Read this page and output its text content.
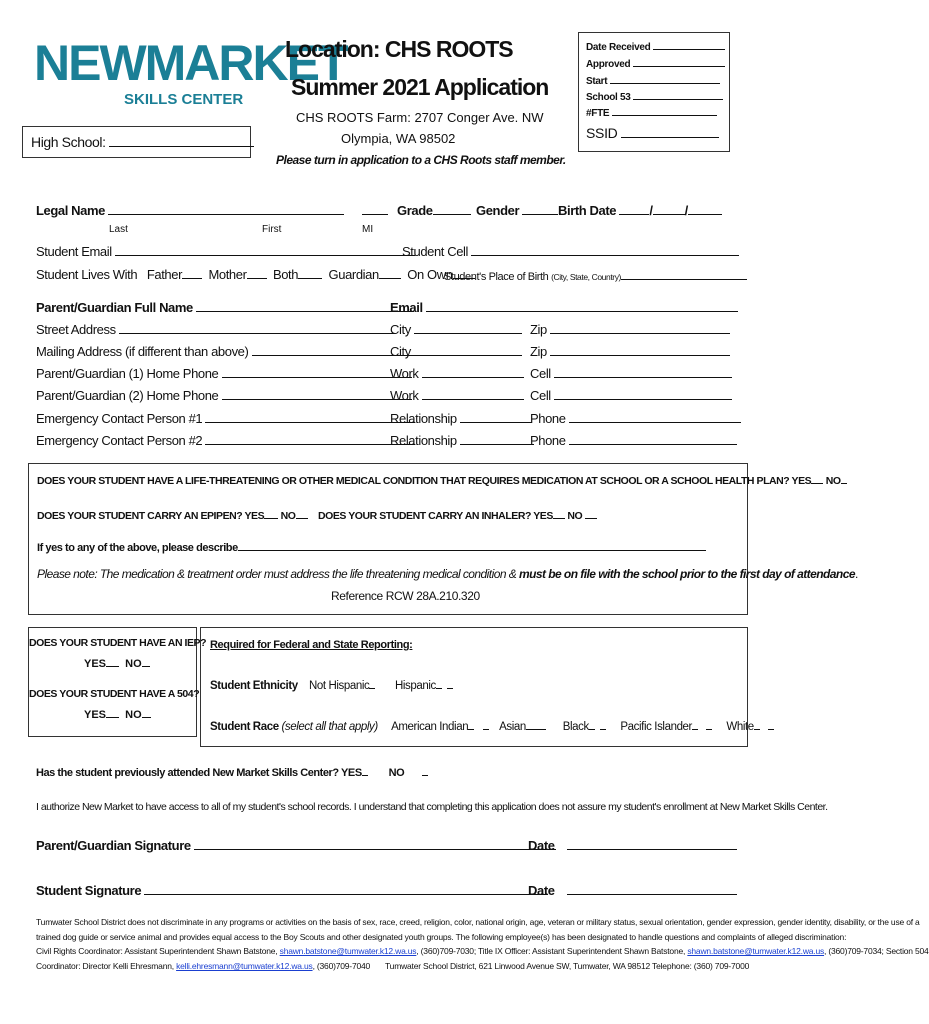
NEWMARKET
SKILLS CENTER
High School:
Location: CHS ROOTS
Summer 2021 Application
CHS ROOTS Farm: 2707 Conger Ave. NW
Olympia, WA 98502
Please turn in application to a CHS Roots staff member.
Date Received
Approved
Start
School 53
#FTE
SSID
Legal Name	Grade	Gender	Birth Date	/ /
Last	First	MI
Student Email	Student Cell
Student Lives With Father Mother Both Guardian On Own
Student's Place of Birth (City, State, Country)
Parent/Guardian Full Name	Email
Street Address	City	Zip
Mailing Address (if different than above)	City	Zip
Parent/Guardian (1) Home Phone	Work	Cell
Parent/Guardian (2) Home Phone	Work	Cell
Emergency Contact Person #1	Relationship	Phone
Emergency Contact Person #2	Relationship	Phone
DOES YOUR STUDENT HAVE A LIFE-THREATENING OR OTHER MEDICAL CONDITION THAT REQUIRES MEDICATION AT SCHOOL OR A SCHOOL HEALTH PLAN? YES NO
DOES YOUR STUDENT CARRY AN EPIPEN? YES NO	DOES YOUR STUDENT CARRY AN INHALER? YES NO
If yes to any of the above, please describe
Please note: The medication & treatment order must address the life threatening medical condition & must be on file with the school prior to the first day of attendance.
Reference RCW 28A.210.320
DOES YOUR STUDENT HAVE AN IEP?
YES NO
DOES YOUR STUDENT HAVE A 504?
YES NO
Required for Federal and State Reporting:
Student Ethnicity Not Hispanic Hispanic
Student Race (select all that apply) American Indian	Asian	Black	Pacific Islander	White
Has the student previously attended New Market Skills Center? YES NO
I authorize New Market to have access to all of my student's school records. I understand that completing this application does not assure my student's enrollment at New Market Skills Center.
Parent/Guardian Signature	Date
Student Signature	Date
Tumwater School District does not discriminate in any programs or activities on the basis of sex, race, creed, religion, color, national origin, age, veteran or military status, sexual orientation, gender expression, gender identity, disability, or the use of a
trained dog guide or service animal and provides equal access to the Boy Scouts and other designated youth groups. The following employee(s) has been designated to handle questions and complaints of alleged discrimination:
Civil Rights Coordinator: Assistant Superintendent Shawn Batstone, shawn.batstone@tumwater.k12.wa.us, (360)709-7030; Title IX Officer: Assistant Superintendent Shawn Batstone, shawn.batstone@tumwater.k12.wa.us, (360)709-7034; Section 504
Coordinator: Director Kelli Ehresmann, kelli.ehresmann@tumwater.k12.wa.us, (360)709-7040 Tumwater School District, 621 Linwood Avenue SW, Tumwater, WA 98512 Telephone: (360) 709-7000
